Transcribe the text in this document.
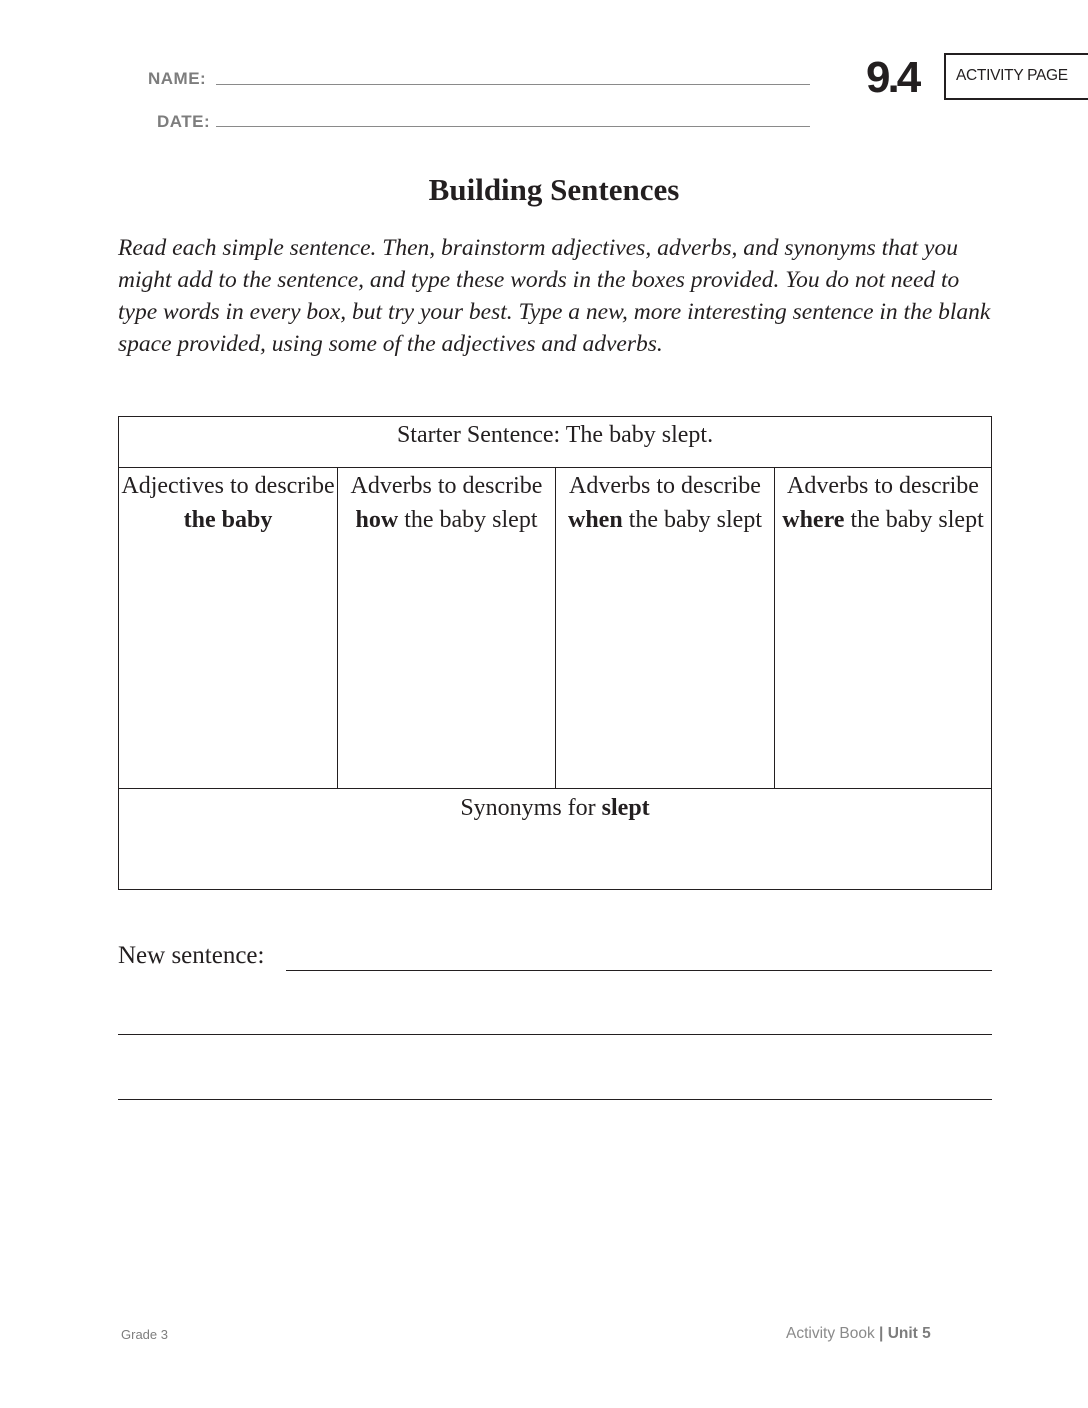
NAME:
DATE:
9.4 ACTIVITY PAGE
Building Sentences
Read each simple sentence. Then, brainstorm adjectives, adverbs, and synonyms that you might add to the sentence, and type these words in the boxes provided. You do not need to type words in every box, but try your best. Type a new, more interesting sentence in the blank space provided, using some of the adjectives and adverbs.
Starter Sentence: The baby slept.
Adjectives to describe the baby
Adverbs to describe how the baby slept
Adverbs to describe when the baby slept
Adverbs to describe where the baby slept
Synonyms for slept
New sentence:
Grade 3	Activity Book | Unit 5
